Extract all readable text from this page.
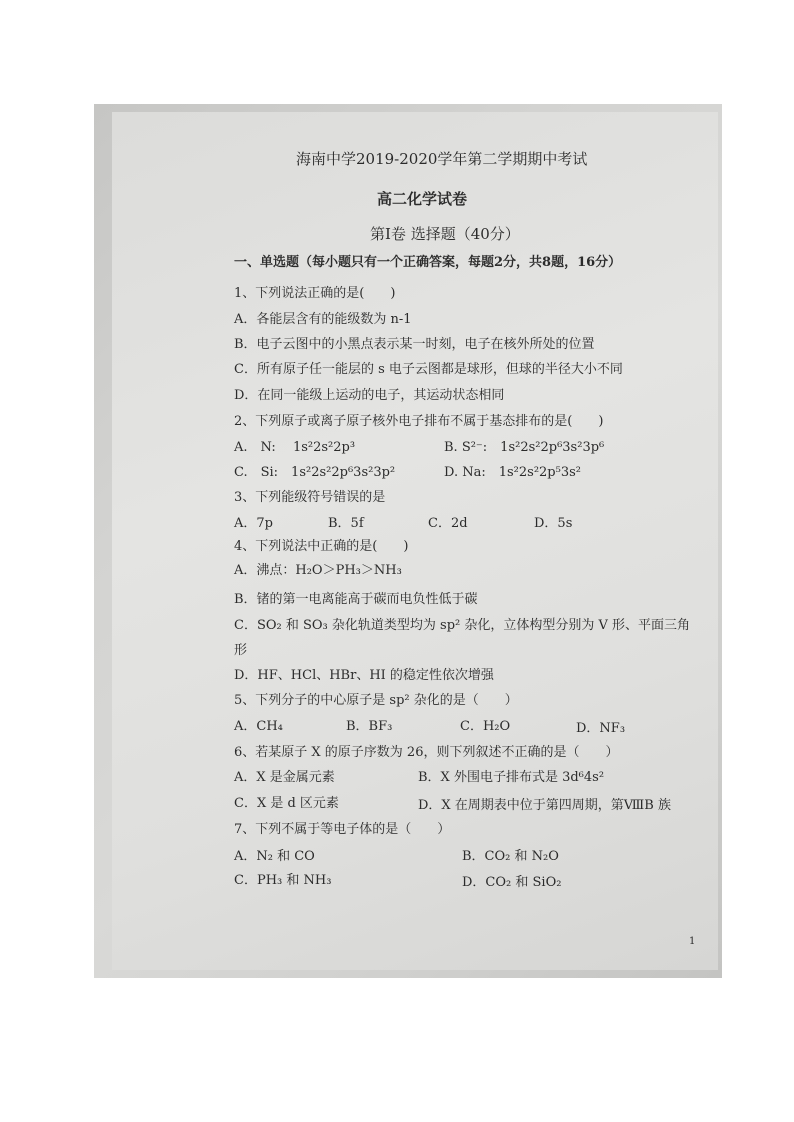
海南中学2019-2020学年第二学期期中考试
高二化学试卷
第Ⅰ卷 选择题（40分）
一、单选题（每小题只有一个正确答案，每题2分，共8题，16分）
1、下列说法正确的是(　　)
A．各能层含有的能级数为 n-1
B．电子云图中的小黑点表示某一时刻，电子在核外所处的位置
C．所有原子任一能层的 s 电子云图都是球形，但球的半径大小不同
D．在同一能级上运动的电子，其运动状态相同
2、下列原子或离子原子核外电子排布不属于基态排布的是(　　)
A.　N:　 1s²2s²2p³	B. S²⁻:　1s²2s²2p⁶3s²3p⁶
C.　Si:　1s²2s²2p⁶3s²3p²	D. Na:　1s²2s²2p⁵3s²
3、下列能级符号错误的是
A．7p	B．5f	C．2d	D．5s
4、下列说法中正确的是(　　)
A．沸点：H₂O＞PH₃＞NH₃
B．锗的第一电离能高于碳而电负性低于碳
C．SO₂ 和 SO₃ 杂化轨道类型均为 sp² 杂化，立体构型分别为 V 形、平面三角
形
D．HF、HCl、HBr、HI 的稳定性依次增强
5、下列分子的中心原子是 sp² 杂化的是（　　）
A．CH₄	B．BF₃	C．H₂O	D．NF₃
6、若某原子 X 的原子序数为 26，则下列叙述不正确的是（　　）
A．X 是金属元素	B．X 外围电子排布式是 3d⁶4s²
C．X 是 d 区元素	D．X 在周期表中位于第四周期，第ⅧB 族
7、下列不属于等电子体的是（　　）
A．N₂ 和 CO	B．CO₂ 和 N₂O
C．PH₃ 和 NH₃	D．CO₂ 和 SiO₂
1
